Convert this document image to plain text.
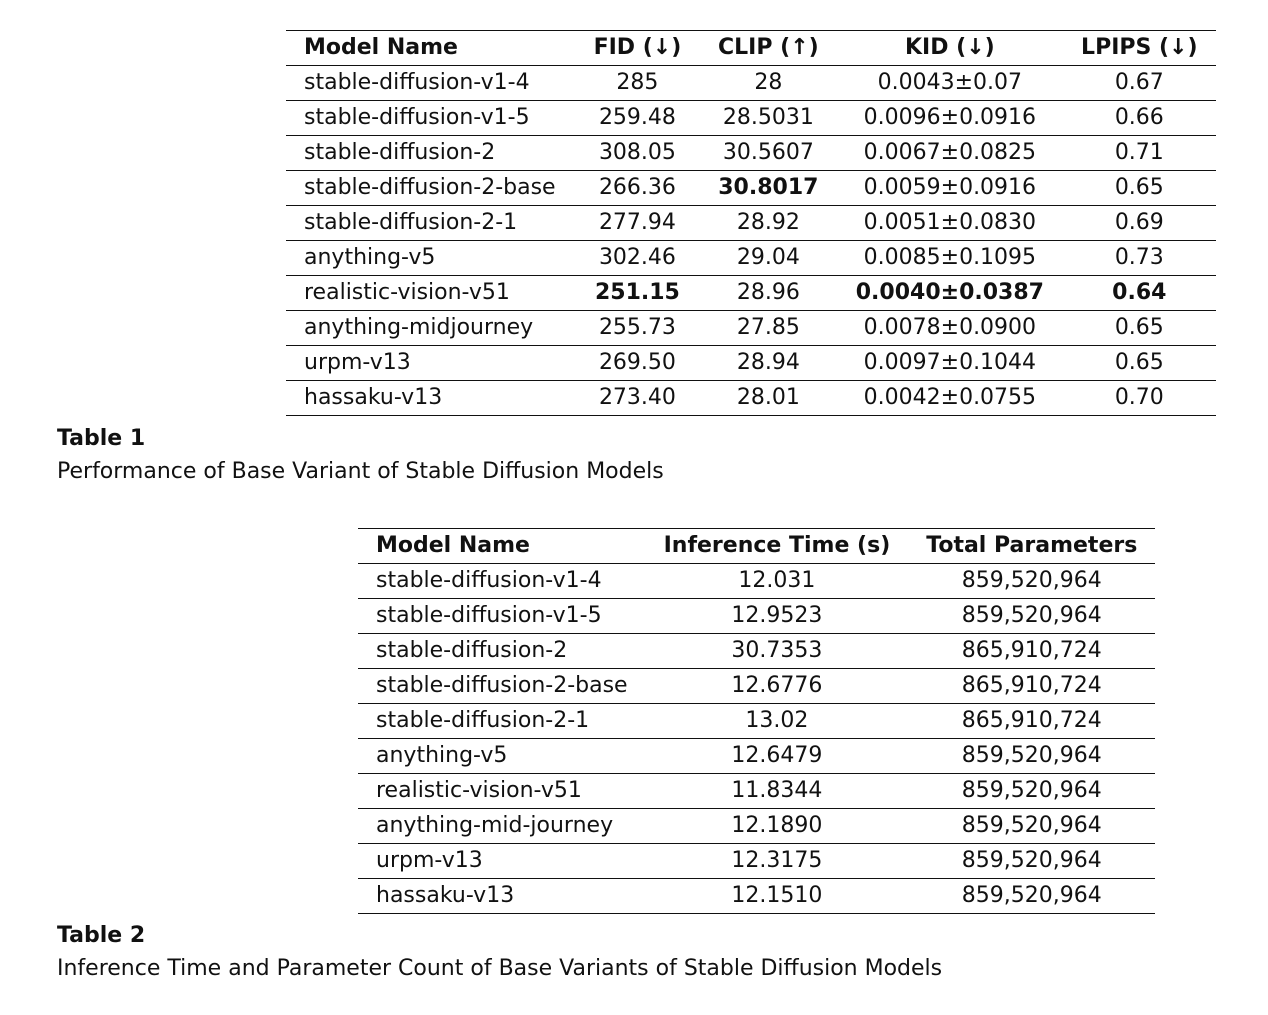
Model Name	FID (↓)	CLIP (↑)	KID (↓)	LPIPS (↓)
stable-diffusion-v1-4	285	28	0.0043±0.07	0.67
stable-diffusion-v1-5	259.48	28.5031	0.0096±0.0916	0.66
stable-diffusion-2	308.05	30.5607	0.0067±0.0825	0.71
stable-diffusion-2-base	266.36	30.8017	0.0059±0.0916	0.65
stable-diffusion-2-1	277.94	28.92	0.0051±0.0830	0.69
anything-v5	302.46	29.04	0.0085±0.1095	0.73
realistic-vision-v51	251.15	28.96	0.0040±0.0387	0.64
anything-midjourney	255.73	27.85	0.0078±0.0900	0.65
urpm-v13	269.50	28.94	0.0097±0.1044	0.65
hassaku-v13	273.40	28.01	0.0042±0.0755	0.70
Table 1
Performance of Base Variant of Stable Diffusion Models
Model Name	Inference Time (s)	Total Parameters
stable-diffusion-v1-4	12.031	859,520,964
stable-diffusion-v1-5	12.9523	859,520,964
stable-diffusion-2	30.7353	865,910,724
stable-diffusion-2-base	12.6776	865,910,724
stable-diffusion-2-1	13.02	865,910,724
anything-v5	12.6479	859,520,964
realistic-vision-v51	11.8344	859,520,964
anything-mid-journey	12.1890	859,520,964
urpm-v13	12.3175	859,520,964
hassaku-v13	12.1510	859,520,964
Table 2
Inference Time and Parameter Count of Base Variants of Stable Diffusion Models
